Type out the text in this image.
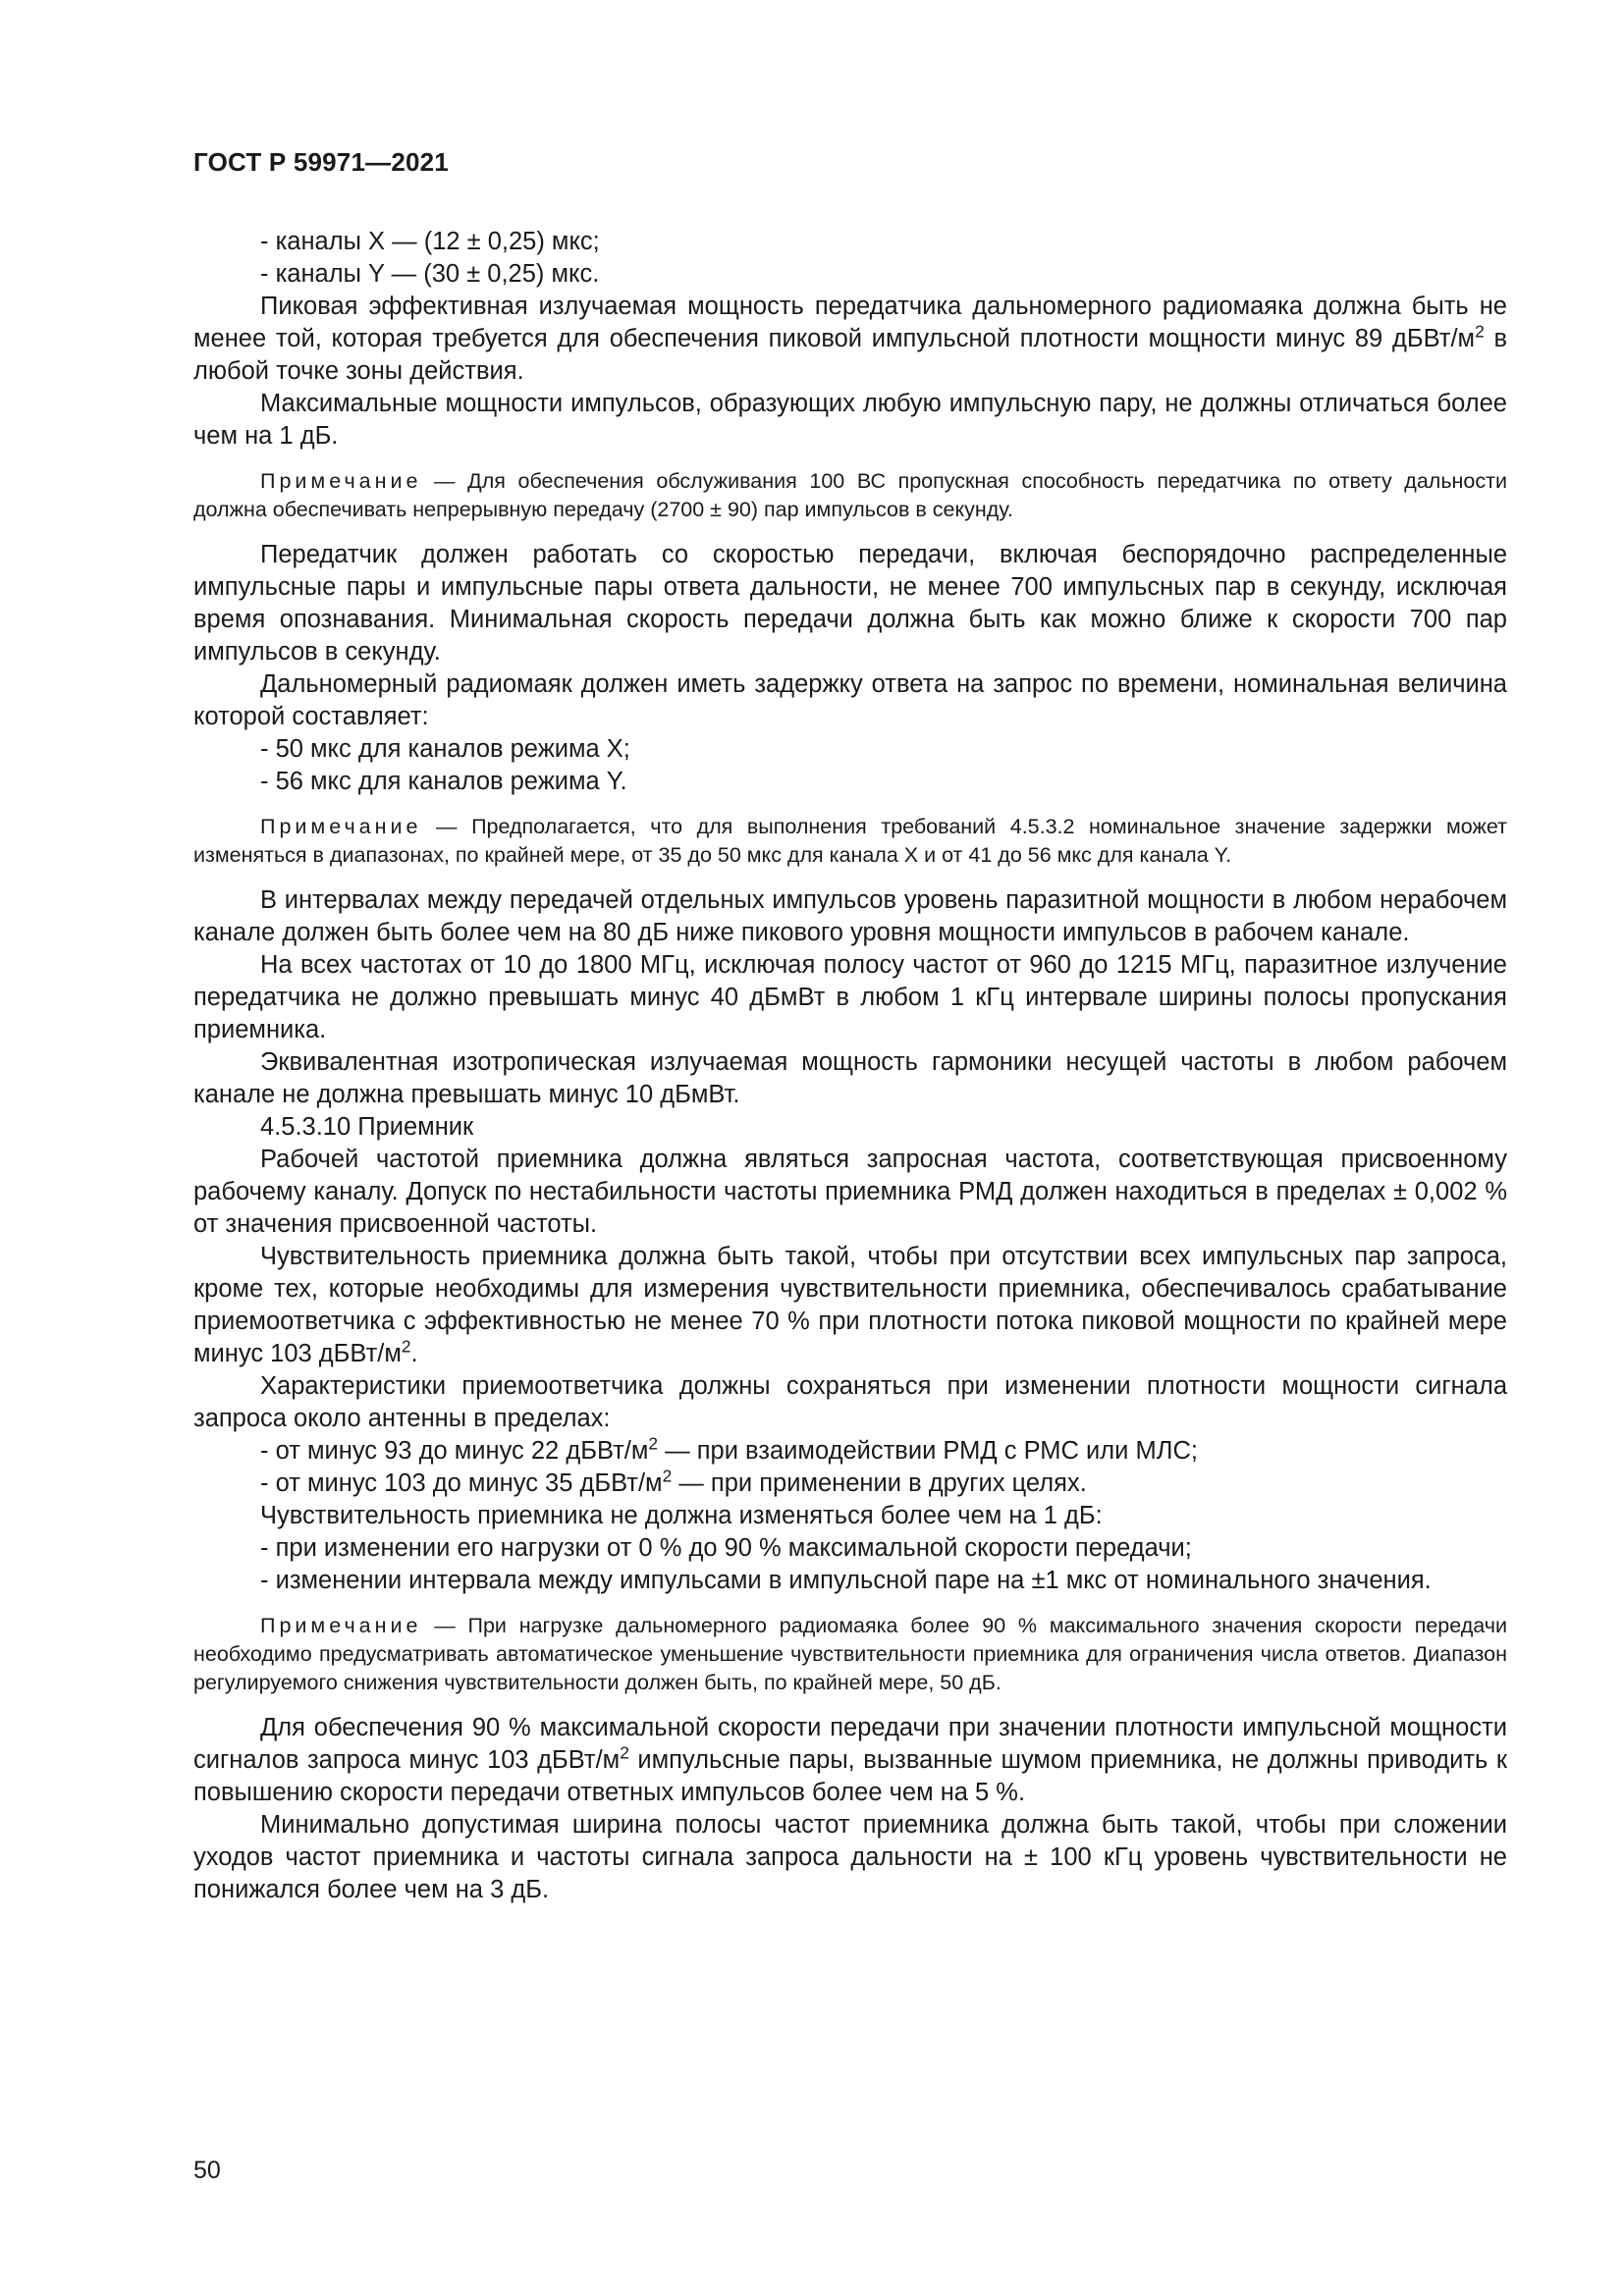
ГОСТ Р 59971—2021

- каналы X — (12 ± 0,25) мкс;

- каналы Y — (30 ± 0,25) мкс.

Пиковая эффективная излучаемая мощность передатчика дальномерного радиомаяка должна быть не менее той, которая требуется для обеспечения пиковой импульсной плотности мощности минус 89 дБВт/$м^2$ в любой точке зоны действия.

Максимальные мощности импульсов, образующих любую импульсную пару, не должны отличаться более чем на 1 дБ.

Примечание — Для обеспечения обслуживания 100 ВС пропускная способность передатчика по ответу дальности должна обеспечивать непрерывную передачу (2700 ± 90) пар импульсов в секунду.

Передатчик должен работать со скоростью передачи, включая беспорядочно распределенные импульсные пары и импульсные пары ответа дальности, не менее 700 импульсных пар в секунду, исключая время опознавания. Минимальная скорость передачи должна быть как можно ближе к скорости 700 пар импульсов в секунду.

Дальномерный радиомаяк должен иметь задержку ответа на запрос по времени, номинальная величина которой составляет:

- 50 мкс для каналов режима X;

- 56 мкс для каналов режима Y.

Примечание — Предполагается, что для выполнения требований 4.5.3.2 номинальное значение задержки может изменяться в диапазонах, по крайней мере, от 35 до 50 мкс для канала X и от 41 до 56 мкс для канала Y.

В интервалах между передачей отдельных импульсов уровень паразитной мощности в любом нерабочем канале должен быть более чем на 80 дБ ниже пикового уровня мощности импульсов в рабочем канале.

На всех частотах от 10 до 1800 МГц, исключая полосу частот от 960 до 1215 МГц, паразитное излучение передатчика не должно превышать минус 40 дБмВт в любом 1 кГц интервале ширины полосы пропускания приемника.

Эквивалентная изотропическая излучаемая мощность гармоники несущей частоты в любом рабочем канале не должна превышать минус 10 дБмВт.

4.5.3.10 Приемник

Рабочей частотой приемника должна являться запросная частота, соответствующая присвоенному рабочему каналу. Допуск по нестабильности частоты приемника РМД должен находиться в пределах ± 0,002 % от значения присвоенной частоты.

Чувствительность приемника должна быть такой, чтобы при отсутствии всех импульсных пар запроса, кроме тех, которые необходимы для измерения чувствительности приемника, обеспечивалось срабатывание приемоответчика с эффективностью не менее 70 % при плотности потока пиковой мощности по крайней мере минус 103 дБВт/$м^2$.

Характеристики приемоответчика должны сохраняться при изменении плотности мощности сигнала запроса около антенны в пределах:

- от минус 93 до минус 22 дБВт/$м^2$ — при взаимодействии РМД с РМС или МЛС;

- от минус 103 до минус 35 дБВт/$м^2$ — при применении в других целях.

Чувствительность приемника не должна изменяться более чем на 1 дБ:

- при изменении его нагрузки от 0 % до 90 % максимальной скорости передачи;

- изменении интервала между импульсами в импульсной паре на ±1 мкс от номинального значения.

Примечание — При нагрузке дальномерного радиомаяка более 90 % максимального значения скорости передачи необходимо предусматривать автоматическое уменьшение чувствительности приемника для ограничения числа ответов. Диапазон регулируемого снижения чувствительности должен быть, по крайней мере, 50 дБ.

Для обеспечения 90 % максимальной скорости передачи при значении плотности импульсной мощности сигналов запроса минус 103 дБВт/$м^2$ импульсные пары, вызванные шумом приемника, не должны приводить к повышению скорости передачи ответных импульсов более чем на 5 %.

Минимально допустимая ширина полосы частот приемника должна быть такой, чтобы при сложении уходов частот приемника и частоты сигнала запроса дальности на ± 100 кГц уровень чувствительности не понижался более чем на 3 дБ.

50
